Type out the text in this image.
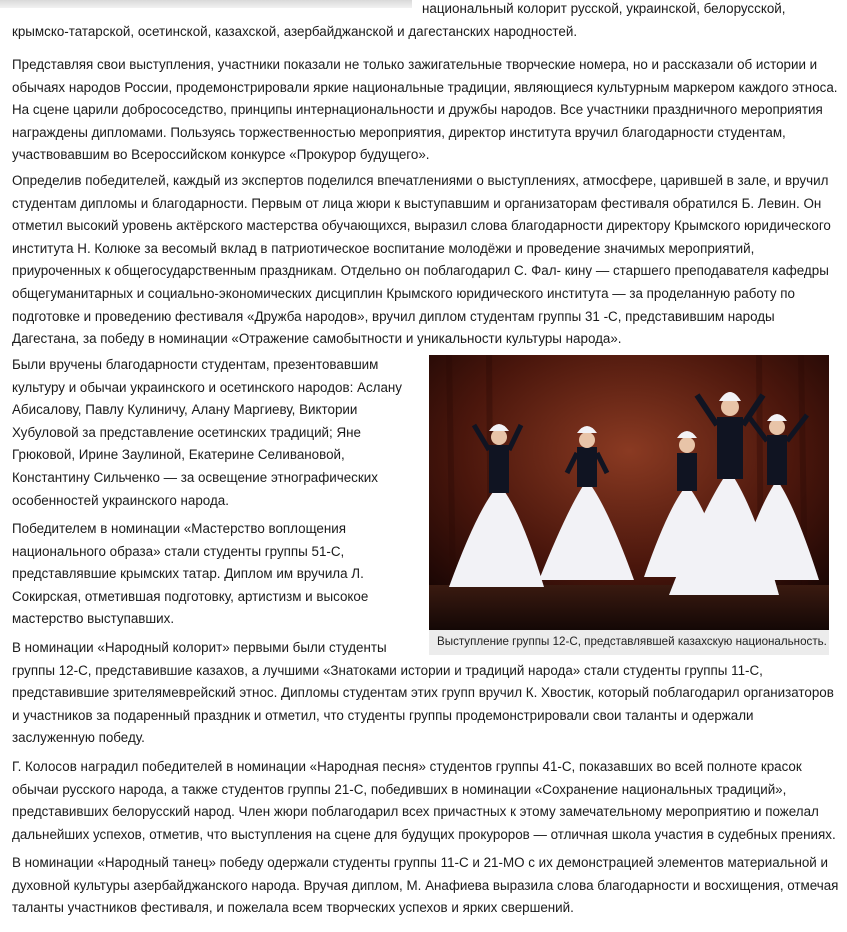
национальный колорит русской, украинской, белорусской,
крымско-татарской, осетинской, казахской, азербайджанской и дагестанских народностей.

Представляя свои выступления, участники показали не только зажигательные творческие номера, но и рассказали об истории и обычаях народов России, продемонстрировали яркие национальные традиции, являющиеся культурным маркером каждого этноса. На сцене царили добрососедство, принципы интернациональности и дружбы народов. Все участники праздничного мероприятия награждены дипломами. Пользуясь торжественностью мероприятия, директор института вручил благодарности студентам, участвовавшим во Всероссийском конкурсе «Прокурор будущего».

Определив победителей, каждый из экспертов поделился впечатлениями о выступлениях, атмосфере, царившей в зале, и вручил студентам дипломы и благодарности. Первым от лица жюри к выступавшим и организаторам фестиваля обратился Б. Левин. Он отметил высокий уровень актёрского мастерства обучающихся, выразил слова благодарности директору Крымского юридического института Н. Колюке за весомый вклад в патриотическое воспитание молодёжи и проведение значимых мероприятий, приуроченных к общегосударственным праздникам. Отдельно он поблагодарил С. Фал- кину — старшего преподавателя кафедры общегуманитарных и социально-экономических дисциплин Крымского юридического института — за проделанную работу по подготовке и проведению фестиваля «Дружба народов», вручил диплом студентам группы 31 -С, представившим народы Дагестана, за победу в номинации «Отражение самобытности и уникальности культуры народа».

Были вручены благодарности студентам, презентовавшим культуру и обычаи украинского и осетинского народов: Аслану Абисалову, Павлу Кулиничу, Алану Маргиеву, Виктории Хубуловой за представление осетинских традиций; Яне Грюковой, Ирине Заулиной, Екатерине Селивановой, Константину Сильченко — за освещение этнографических особенностей украинского народа.

Победителем в номинации «Мастерство воплощения национального образа» стали студенты группы 51-С, представлявшие крымских татар. Диплом им вручила Л. Сокирская, отметившая подготовку, артистизм и высокое мастерство выступавших.

В номинации «Народный колорит» первыми были студенты
группы 12-С, представившие казахов, а лучшими «Знатоками истории и традиций народа» стали студенты группы 11-С, представившие зрителямеврейский этнос. Дипломы студентам этих групп вручил К. Хвостик, который поблагодарил организаторов и участников за подаренный праздник и отметил, что студенты группы продемонстрировали свои таланты и одержали заслуженную победу.

Г. Колосов наградил победителей в номинации «Народная песня» студентов группы 41-С, показавших во всей полноте красок обычаи русского народа, а также студентов группы 21-С, победивших в номинации «Сохранение национальных традиций», представивших белорусский народ. Член жюри поблагодарил всех причастных к этому замечательному мероприятию и пожелал дальнейших успехов, отметив, что выступления на сцене для будущих прокуроров — отличная школа участия в судебных прениях.

В номинации «Народный танец» победу одержали студенты группы 11-С и 21-МО с их демонстрацией элементов материальной и духовной культуры азербайджанского народа. Вручая диплом, М. Анафиева выразила слова благодарности и восхищения, отмечая таланты участников фестиваля, и пожелала всем творческих успехов и ярких свершений.

Выступление группы 12-С, представлявшей казахскую национальность.
